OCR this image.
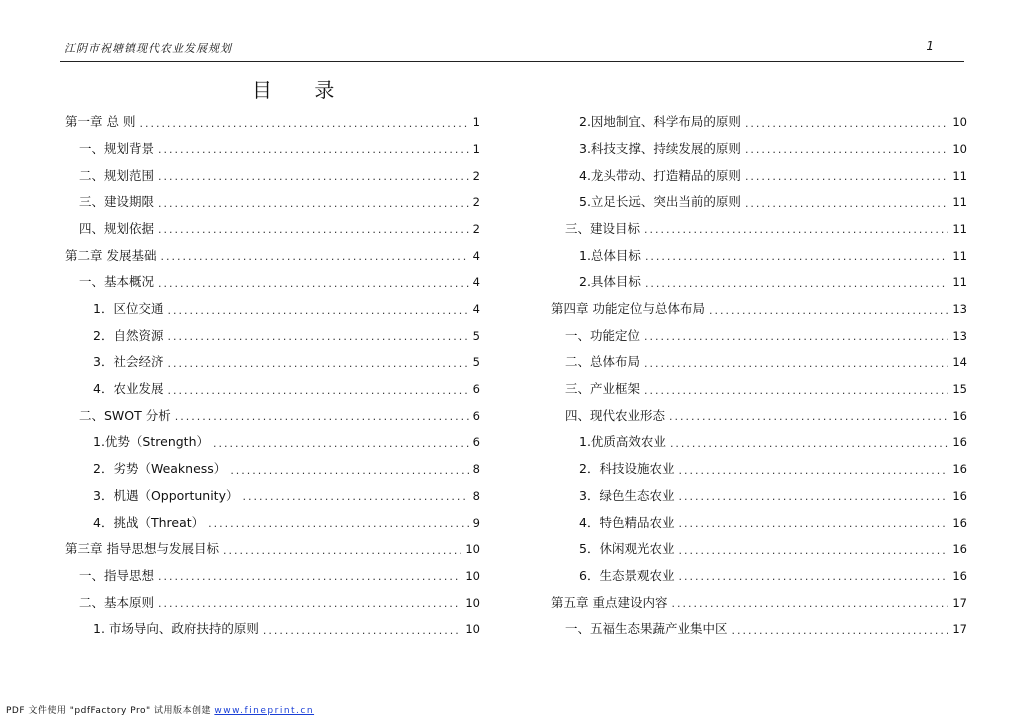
江阴市祝塘镇现代农业发展规划	1
目 录
第一章 总 则 .....	1
一、规划背景 .....	1
二、规划范围 .....	2
三、建设期限 .....	2
四、规划依据 .....	2
第二章 发展基础 .....	4
一、基本概况 .....	4
1．区位交通 .....	4
2．自然资源 .....	5
3．社会经济 .....	5
4．农业发展 .....	6
二、SWOT 分析 .....	6
1.优势（Strength） .....	6
2．劣势（Weakness） .....	8
3．机遇（Opportunity） .....	8
4．挑战（Threat） .....	9
第三章 指导思想与发展目标 .....	10
一、指导思想 .....	10
二、基本原则 .....	10
1. 市场导向、政府扶持的原则 .....	10
2.因地制宜、科学布局的原则 .....	10
3.科技支撑、持续发展的原则 .....	10
4.龙头带动、打造精品的原则 .....	11
5.立足长远、突出当前的原则 .....	11
三、建设目标 .....	11
1.总体目标 .....	11
2.具体目标 .....	11
第四章 功能定位与总体布局 .....	13
一、功能定位 .....	13
二、总体布局 .....	14
三、产业框架 .....	15
四、现代农业形态 .....	16
1.优质高效农业 .....	16
2．科技设施农业 .....	16
3．绿色生态农业 .....	16
4．特色精品农业 .....	16
5．休闲观光农业 .....	16
6．生态景观农业 .....	16
第五章 重点建设内容 .....	17
一、五福生态果蔬产业集中区 .....	17
PDF 文件使用 "pdfFactory Pro" 试用版本创建 www.fineprint.cn
